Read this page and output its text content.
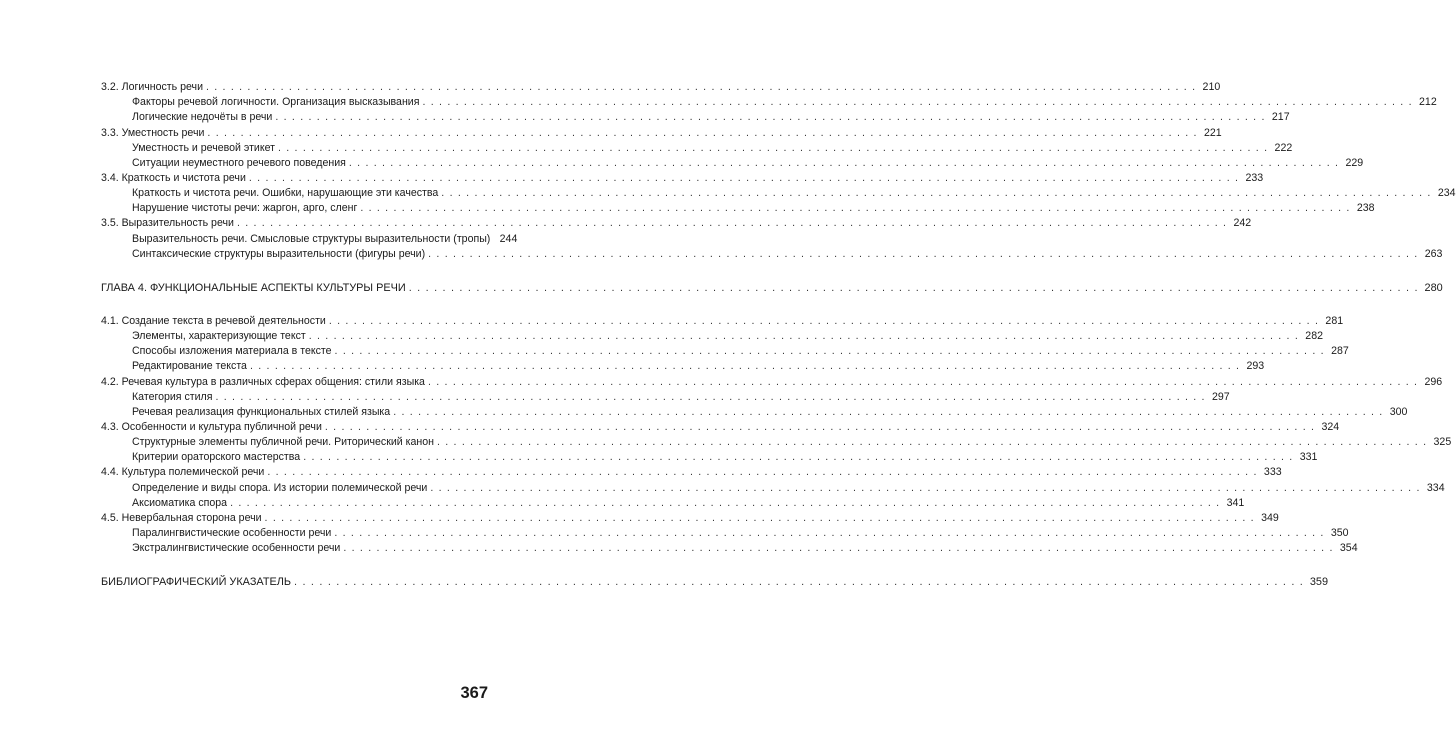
3.2. Логичность речи . . . . . . . . . . . . . . . . . . . . . . . . . . . . . . . . . . . . . . . . . . . . . . . . . . . . . . . . . . . . . . . . . . . . . . . . . . . . . . . . . . . . . . . . . . . . . . . . . . . . . . . . . . . . . . . . . . . . . . . . 210
Факторы речевой логичности. Организация высказывания . . . . . . . . . . . . . . . . . . . . . . . . . . . . . . . . . . . . . . . . . . . . . . . . . . . . . . . . . . . . . . . . . . . . . . . . . . . . . . . . . . . . . . . . . . . . . . . . . . . . . . . . . . . . . . . . . . . . . . . . 212
Логические недочёты в речи . . . . . . . . . . . . . . . . . . . . . . . . . . . . . . . . . . . . . . . . . . . . . . . . . . . . . . . . . . . . . . . . . . . . . . . . . . . . . . . . . . . . . . . . . . . . . . . . . . . . . . . . . . . . . . . . . . . . . . . . 217
3.3. Уместность речи . . . . . . . . . . . . . . . . . . . . . . . . . . . . . . . . . . . . . . . . . . . . . . . . . . . . . . . . . . . . . . . . . . . . . . . . . . . . . . . . . . . . . . . . . . . . . . . . . . . . . . . . . . . . . . . . . . . . . . . . 221
Уместность и речевой этикет . . . . . . . . . . . . . . . . . . . . . . . . . . . . . . . . . . . . . . . . . . . . . . . . . . . . . . . . . . . . . . . . . . . . . . . . . . . . . . . . . . . . . . . . . . . . . . . . . . . . . . . . . . . . . . . . . . . . . . . . 222
Ситуации неуместного речевого поведения . . . . . . . . . . . . . . . . . . . . . . . . . . . . . . . . . . . . . . . . . . . . . . . . . . . . . . . . . . . . . . . . . . . . . . . . . . . . . . . . . . . . . . . . . . . . . . . . . . . . . . . . . . . . . . . . . . . . . . . . 229
3.4. Краткость и чистота речи . . . . . . . . . . . . . . . . . . . . . . . . . . . . . . . . . . . . . . . . . . . . . . . . . . . . . . . . . . . . . . . . . . . . . . . . . . . . . . . . . . . . . . . . . . . . . . . . . . . . . . . . . . . . . . . . . . . . . . . . 233
Краткость и чистота речи. Ошибки, нарушающие эти качества . . . . . . . . . . . . . . . . . . . . . . . . . . . . . . . . . . . . . . . . . . . . . . . . . . . . . . . . . . . . . . . . . . . . . . . . . . . . . . . . . . . . . . . . . . . . . . . . . . . . . . . . . . . . . . . . . . . . . . . . 234
Нарушение чистоты речи: жаргон, арго, сленг . . . . . . . . . . . . . . . . . . . . . . . . . . . . . . . . . . . . . . . . . . . . . . . . . . . . . . . . . . . . . . . . . . . . . . . . . . . . . . . . . . . . . . . . . . . . . . . . . . . . . . . . . . . . . . . . . . . . . . . . 238
3.5. Выразительность речи . . . . . . . . . . . . . . . . . . . . . . . . . . . . . . . . . . . . . . . . . . . . . . . . . . . . . . . . . . . . . . . . . . . . . . . . . . . . . . . . . . . . . . . . . . . . . . . . . . . . . . . . . . . . . . . . . . . . . . . . 242
Выразительность речи. Смысловые структуры выразительности (тропы) 244
Синтаксические структуры выразительности (фигуры речи) . . . . . . . . . . . . . . . . . . . . . . . . . . . . . . . . . . . . . . . . . . . . . . . . . . . . . . . . . . . . . . . . . . . . . . . . . . . . . . . . . . . . . . . . . . . . . . . . . . . . . . . . . . . . . . . . . . . . . . . . 263
ГЛАВА 4. ФУНКЦИОНАЛЬНЫЕ АСПЕКТЫ КУЛЬТУРЫ РЕЧИ . . . . . . . . . . . . . . . . . . . . . . . . . . . . . . . . . . . . . . . . . . . . . . . . . . . . . . . . . . . . . . . . . . . . . . . . . . . . . . . . . . . . . . . . . . . . . . . . . . . . . . . . . . . . . . . . . . . . . . . . 280
4.1. Создание текста в речевой деятельности . . . . . . . . . . . . . . . . . . . . . . . . . . . . . . . . . . . . . . . . . . . . . . . . . . . . . . . . . . . . . . . . . . . . . . . . . . . . . . . . . . . . . . . . . . . . . . . . . . . . . . . . . . . . . . . . . . . . . . . . 281
Элементы, характеризующие текст . . . . . . . . . . . . . . . . . . . . . . . . . . . . . . . . . . . . . . . . . . . . . . . . . . . . . . . . . . . . . . . . . . . . . . . . . . . . . . . . . . . . . . . . . . . . . . . . . . . . . . . . . . . . . . . . . . . . . . . . 282
Способы изложения материала в тексте . . . . . . . . . . . . . . . . . . . . . . . . . . . . . . . . . . . . . . . . . . . . . . . . . . . . . . . . . . . . . . . . . . . . . . . . . . . . . . . . . . . . . . . . . . . . . . . . . . . . . . . . . . . . . . . . . . . . . . . . 287
Редактирование текста . . . . . . . . . . . . . . . . . . . . . . . . . . . . . . . . . . . . . . . . . . . . . . . . . . . . . . . . . . . . . . . . . . . . . . . . . . . . . . . . . . . . . . . . . . . . . . . . . . . . . . . . . . . . . . . . . . . . . . . . 293
4.2. Речевая культура в различных сферах общения: стили языка . . . . . . . . . . . . . . . . . . . . . . . . . . . . . . . . . . . . . . . . . . . . . . . . . . . . . . . . . . . . . . . . . . . . . . . . . . . . . . . . . . . . . . . . . . . . . . . . . . . . . . . . . . . . . . . . . . . . . . . . 296
Категория стиля . . . . . . . . . . . . . . . . . . . . . . . . . . . . . . . . . . . . . . . . . . . . . . . . . . . . . . . . . . . . . . . . . . . . . . . . . . . . . . . . . . . . . . . . . . . . . . . . . . . . . . . . . . . . . . . . . . . . . . . . 297
Речевая реализация функциональных стилей языка . . . . . . . . . . . . . . . . . . . . . . . . . . . . . . . . . . . . . . . . . . . . . . . . . . . . . . . . . . . . . . . . . . . . . . . . . . . . . . . . . . . . . . . . . . . . . . . . . . . . . . . . . . . . . . . . . . . . . . . . 300
4.3. Особенности и культура публичной речи . . . . . . . . . . . . . . . . . . . . . . . . . . . . . . . . . . . . . . . . . . . . . . . . . . . . . . . . . . . . . . . . . . . . . . . . . . . . . . . . . . . . . . . . . . . . . . . . . . . . . . . . . . . . . . . . . . . . . . . . 324
Структурные элементы публичной речи. Риторический канон . . . . . . . . . . . . . . . . . . . . . . . . . . . . . . . . . . . . . . . . . . . . . . . . . . . . . . . . . . . . . . . . . . . . . . . . . . . . . . . . . . . . . . . . . . . . . . . . . . . . . . . . . . . . . . . . . . . . . . . . 325
Критерии ораторского мастерства . . . . . . . . . . . . . . . . . . . . . . . . . . . . . . . . . . . . . . . . . . . . . . . . . . . . . . . . . . . . . . . . . . . . . . . . . . . . . . . . . . . . . . . . . . . . . . . . . . . . . . . . . . . . . . . . . . . . . . . . 331
4.4. Культура полемической речи . . . . . . . . . . . . . . . . . . . . . . . . . . . . . . . . . . . . . . . . . . . . . . . . . . . . . . . . . . . . . . . . . . . . . . . . . . . . . . . . . . . . . . . . . . . . . . . . . . . . . . . . . . . . . . . . . . . . . . . . 333
Определение и виды спора. Из истории полемической речи . . . . . . . . . . . . . . . . . . . . . . . . . . . . . . . . . . . . . . . . . . . . . . . . . . . . . . . . . . . . . . . . . . . . . . . . . . . . . . . . . . . . . . . . . . . . . . . . . . . . . . . . . . . . . . . . . . . . . . . . 334
Аксиоматика спора . . . . . . . . . . . . . . . . . . . . . . . . . . . . . . . . . . . . . . . . . . . . . . . . . . . . . . . . . . . . . . . . . . . . . . . . . . . . . . . . . . . . . . . . . . . . . . . . . . . . . . . . . . . . . . . . . . . . . . . . 341
4.5. Невербальная сторона речи . . . . . . . . . . . . . . . . . . . . . . . . . . . . . . . . . . . . . . . . . . . . . . . . . . . . . . . . . . . . . . . . . . . . . . . . . . . . . . . . . . . . . . . . . . . . . . . . . . . . . . . . . . . . . . . . . . . . . . . . 349
Паралингвистические особенности речи . . . . . . . . . . . . . . . . . . . . . . . . . . . . . . . . . . . . . . . . . . . . . . . . . . . . . . . . . . . . . . . . . . . . . . . . . . . . . . . . . . . . . . . . . . . . . . . . . . . . . . . . . . . . . . . . . . . . . . . . 350
Экстралингвистические особенности речи . . . . . . . . . . . . . . . . . . . . . . . . . . . . . . . . . . . . . . . . . . . . . . . . . . . . . . . . . . . . . . . . . . . . . . . . . . . . . . . . . . . . . . . . . . . . . . . . . . . . . . . . . . . . . . . . . . . . . . . . 354
БИБЛИОГРАФИЧЕСКИЙ УКАЗАТЕЛЬ . . . . . . . . . . . . . . . . . . . . . . . . . . . . . . . . . . . . . . . . . . . . . . . . . . . . . . . . . . . . . . . . . . . . . . . . . . . . . . . . . . . . . . . . . . . . . . . . . . . . . . . . . . . . . . . . . . . . . . . . 359
367
